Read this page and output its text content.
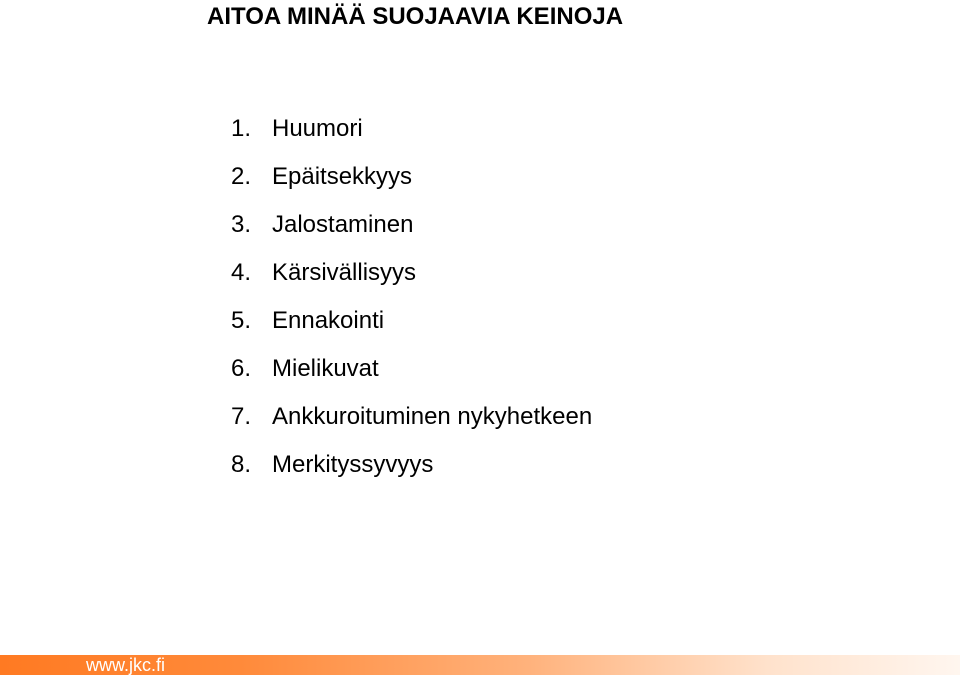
AITOA MINÄÄ SUOJAAVIA KEINOJA
1. Huumori
2. Epäitsekkyys
3. Jalostaminen
4. Kärsivällisyys
5. Ennakointi
6. Mielikuvat
7. Ankkuroituminen nykyhetkeen
8. Merkityssyvyys
www.jkc.fi
